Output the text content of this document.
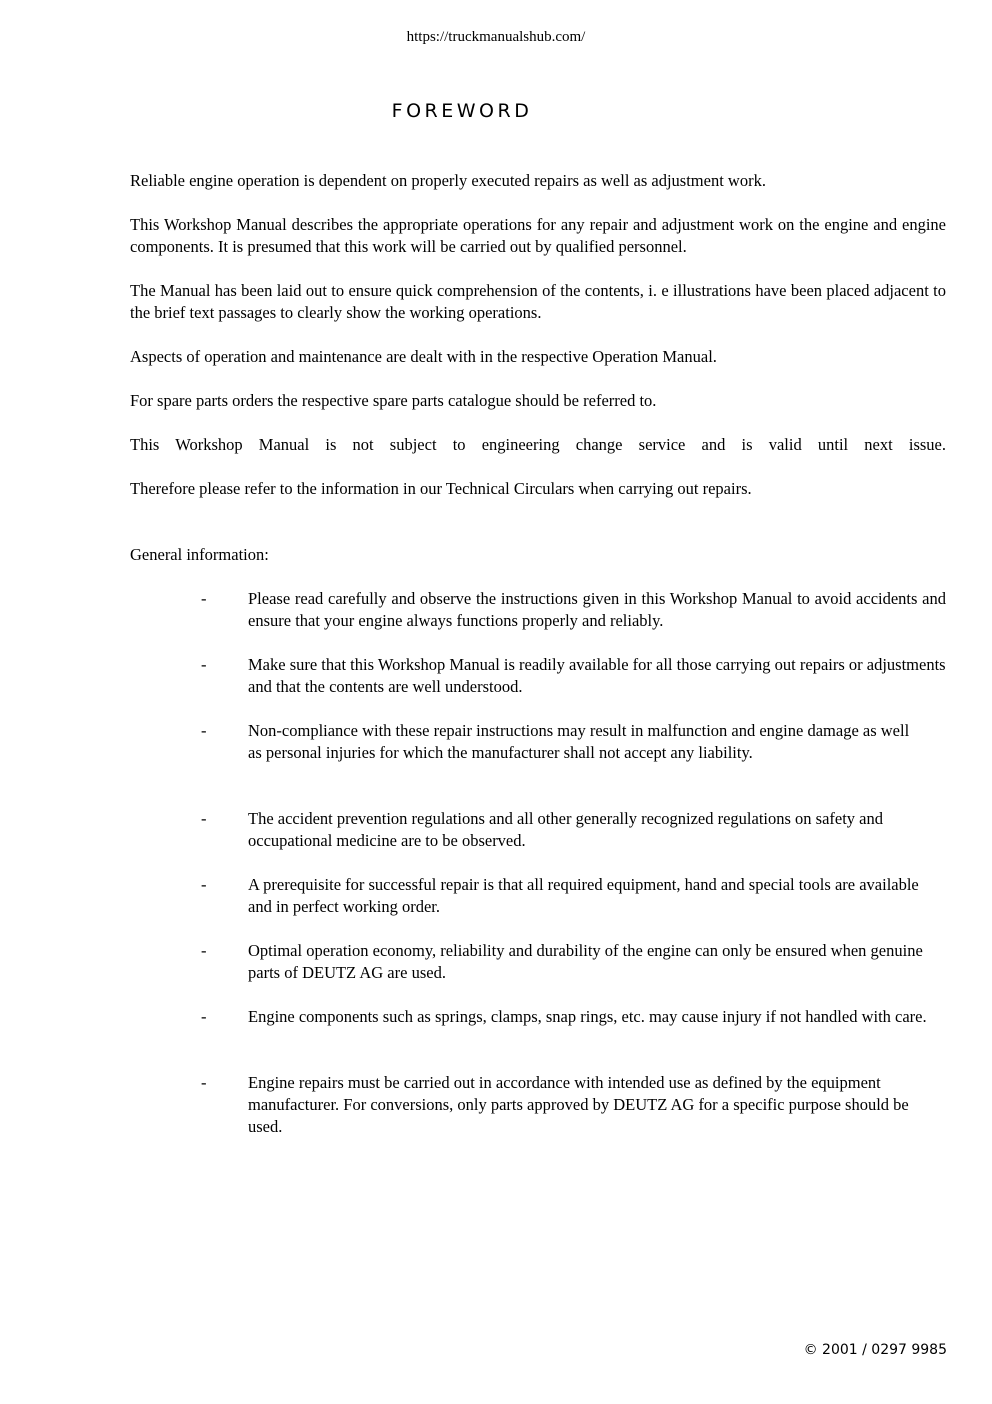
https://truckmanualshub.com/
FOREWORD

Reliable engine operation is dependent on properly executed repairs as well as adjustment work.

This Workshop Manual describes the appropriate operations for any repair and adjustment work on the engine and engine components. It is presumed that this work will be carried out by qualified personnel.

The Manual has been laid out to ensure quick comprehension of the contents, i. e illustrations have been placed adjacent to the brief text passages to clearly show the working operations.

Aspects of operation and maintenance are dealt with in the respective Operation Manual.

For spare parts orders the respective spare parts catalogue should be referred to.

This Workshop Manual is not subject to engineering change service and is valid until next issue.

Therefore please refer to the information in our Technical Circulars when carrying out repairs.

General information:

-	Please read carefully and observe the instructions given in this Workshop Manual to avoid accidents and ensure that your engine always functions properly and reliably.

-	Make sure that this Workshop Manual is readily available for all those carrying out repairs or adjustments and that the contents are well understood.

-	Non-compliance with these repair instructions may result in malfunction and engine damage as well as personal injuries for which the manufacturer shall not accept any liability.

-	The accident prevention regulations and all other generally recognized regulations on safety and occupational medicine are to be observed.

-	A prerequisite for successful repair is that all required equipment, hand and special tools are available and in perfect working order.

-	Optimal operation economy, reliability and durability of the engine can only be ensured when genuine parts of DEUTZ AG are used.

-	Engine components such as springs, clamps, snap rings, etc. may cause injury if not handled with care.

-	Engine repairs must be carried out in accordance with intended use as defined by the equipment manufacturer. For conversions, only parts approved by DEUTZ AG for a specific purpose should be used.

© 2001 / 0297 9985
